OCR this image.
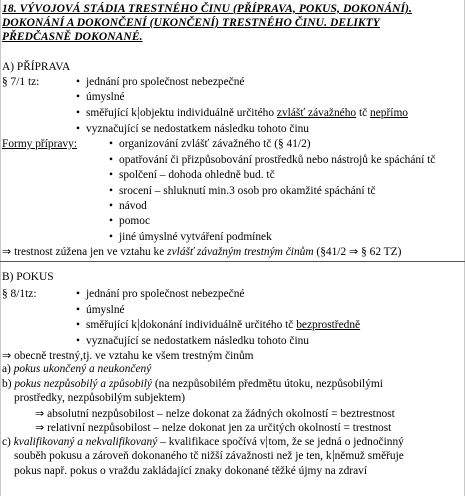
18. VÝVOJOVÁ STÁDIA TRESTNÉHO ČINU (PŘÍPRAVA, POKUS, DOKONÁNÍ).
DOKONÁNÍ A DOKONČENÍ (UKONČENÍ) TRESTNÉHO ČINU. DELIKTY
PŘEDČASNĚ DOKONANÉ.
A) PŘÍPRAVA
§ 7/1 tz:	• jednání pro společnost nebezpečné
• úmyslné
• směřující k objektu individuálně určitého zvlášť závažného tč nepřímo
• vyznačující se nedostatkem následku tohoto činu
Formy přípravy:	• organizování zvlášť závažného tč (§ 41/2)
• opatřování či přizpůsobování prostředků nebo nástrojů ke spáchání tč
• spolčení – dohoda ohledně bud. tč
• srocení – shluknutí min.3 osob pro okamžité spáchání tč
• návod
• pomoc
• jiné úmyslné vytváření podmínek
⇒ trestnost zúžena jen ve vztahu ke zvlášť závažným trestným činům (§41/2 ⇒ § 62 TZ)
B) POKUS
§ 8/1tz:	• jednání pro společnost nebezpečné
• úmyslné
• směřující k dokonání individuálně určitého tč bezprostředně
• vyznačující se nedostatkem následku tohoto činu
⇒ obecně trestný,tj. ve vztahu ke všem trestným činům
a) pokus ukončený a neukončený
b) pokus nezpůsobilý a způsobilý (na nezpůsobilém předmětu útoku, nezpůsobilými
prostředky, nezpůsobilým subjektem)
⇒ absolutní nezpůsobilost – nelze dokonat za žádných okolností = beztrestnost
⇒ relativní nezpůsobilost – nelze dokonat jen za určitých okolností = trestnost
c) kvalifikovaný a nekvalifikovaný – kvalifikace spočívá v tom, že se jedná o jednočinný
souběh pokusu a zároveň dokonaného tč nižší závažnosti než je ten, k němuž směřuje
pokus např. pokus o vraždu zakládající znaky dokonané těžké újmy na zdraví
